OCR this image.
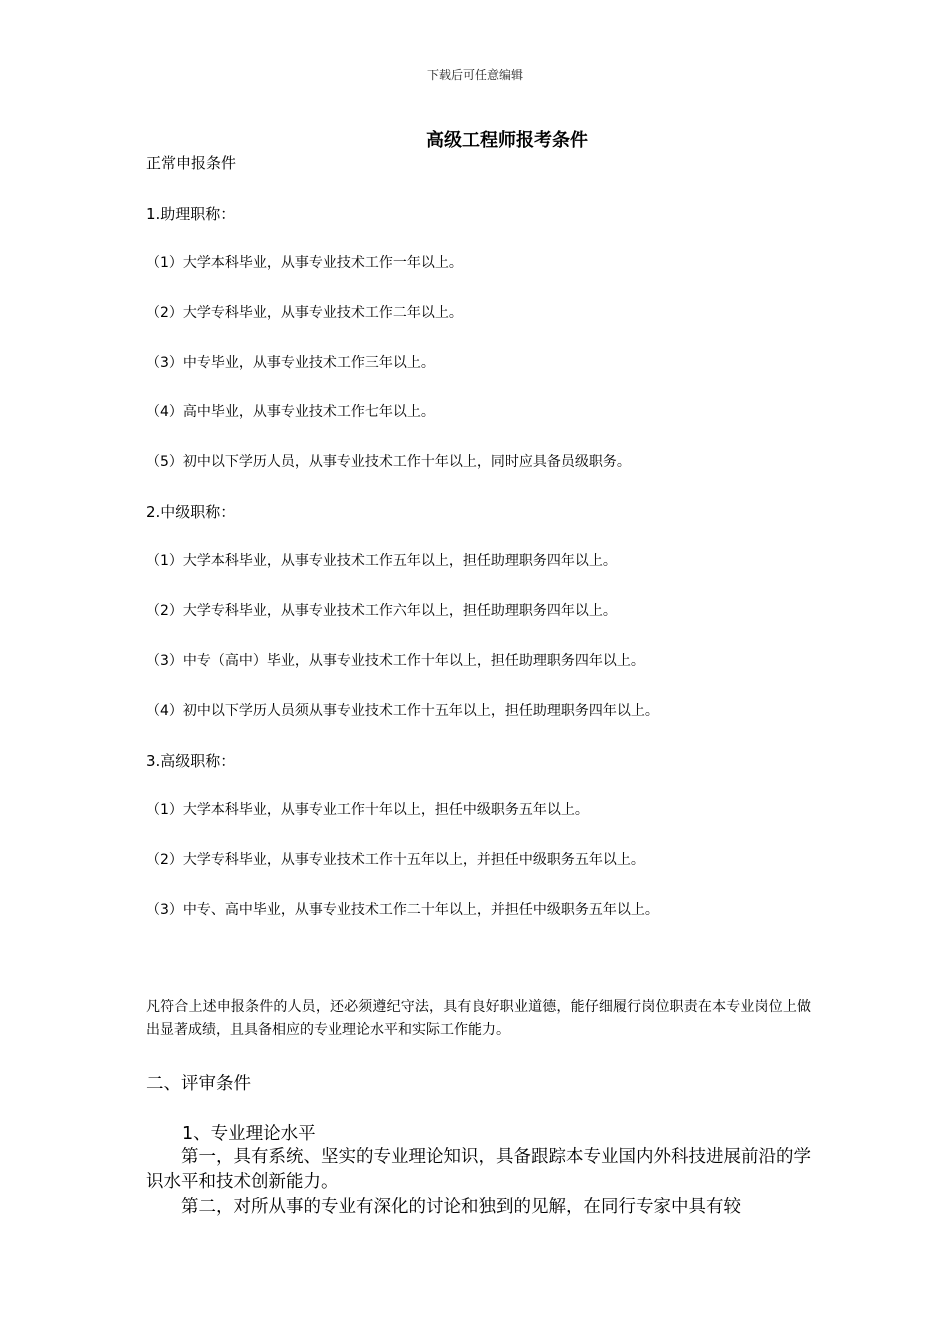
下载后可任意编辑
高级工程师报考条件
正常申报条件
1.助理职称：
（1）大学本科毕业，从事专业技术工作一年以上。
（2）大学专科毕业，从事专业技术工作二年以上。
（3）中专毕业，从事专业技术工作三年以上。
（4）高中毕业，从事专业技术工作七年以上。
（5）初中以下学历人员，从事专业技术工作十年以上，同时应具备员级职务。
2.中级职称：
（1）大学本科毕业，从事专业技术工作五年以上，担任助理职务四年以上。
（2）大学专科毕业，从事专业技术工作六年以上，担任助理职务四年以上。
（3）中专（高中）毕业，从事专业技术工作十年以上，担任助理职务四年以上。
（4）初中以下学历人员须从事专业技术工作十五年以上，担任助理职务四年以上。
3.高级职称：
（1）大学本科毕业，从事专业工作十年以上，担任中级职务五年以上。
（2）大学专科毕业，从事专业技术工作十五年以上，并担任中级职务五年以上。
（3）中专、高中毕业，从事专业技术工作二十年以上，并担任中级职务五年以上。
凡符合上述申报条件的人员，还必须遵纪守法，具有良好职业道德，能仔细履行岗位职责在本专业岗位上做出显著成绩，且具备相应的专业理论水平和实际工作能力。
二、评审条件
1、专业理论水平
第一，具有系统、坚实的专业理论知识，具备跟踪本专业国内外科技进展前沿的学识水平和技术创新能力。
第二，对所从事的专业有深化的讨论和独到的见解，在同行专家中具有较
